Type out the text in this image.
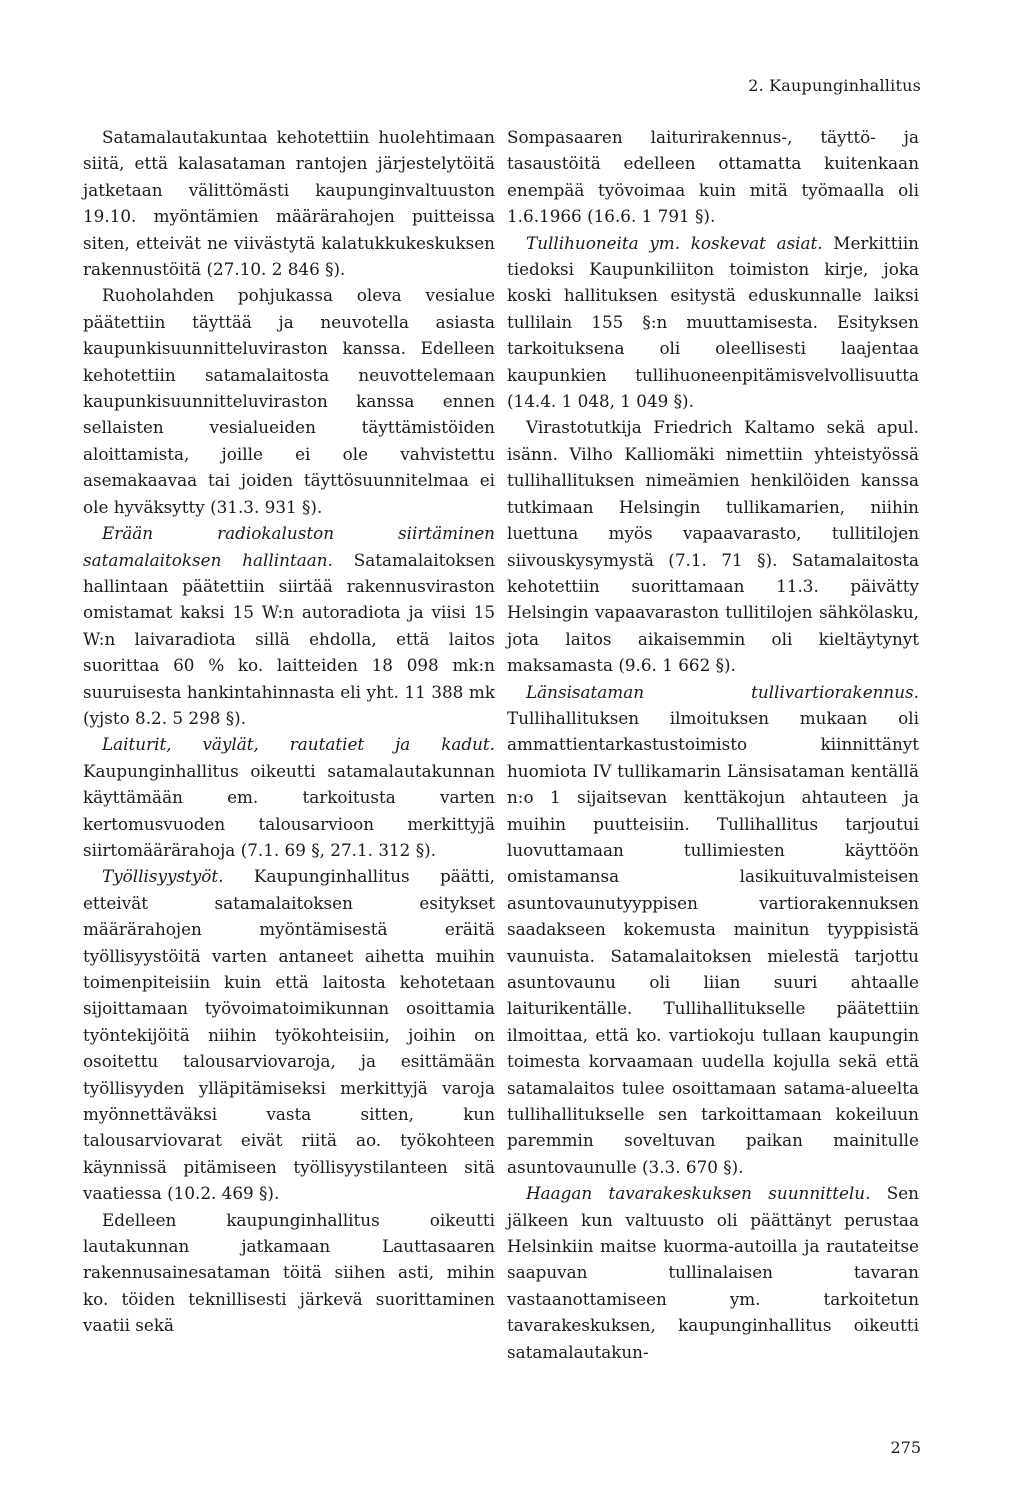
2. Kaupunginhallitus

Satamalautakuntaa kehotettiin huolehtimaan siitä, että kalasataman rantojen järjestelytöitä jatketaan välittömästi kaupunginvaltuuston 19.10. myöntämien määrärahojen puitteissa siten, etteivät ne viivästytä kalatukkukeskuksen rakennustöitä (27.10. 2 846 §).

Ruoholahden pohjukassa oleva vesialue päätettiin täyttää ja neuvotella asiasta kaupunkisuunnitteluviraston kanssa. Edelleen kehotettiin satamalaitosta neuvottelemaan kaupunkisuunnitteluviraston kanssa ennen sellaisten vesialueiden täyttämistöiden aloittamista, joille ei ole vahvistettu asemakaavaa tai joiden täyttösuunnitelmaa ei ole hyväksytty (31.3. 931 §).

Erään radiokaluston siirtäminen satamalaitoksen hallintaan. Satamalaitoksen hallintaan päätettiin siirtää rakennusviraston omistamat kaksi 15 W:n autoradiota ja viisi 15 W:n laivaradiota sillä ehdolla, että laitos suorittaa 60 % ko. laitteiden 18 098 mk:n suuruisesta hankintahinnasta eli yht. 11 388 mk (yjsto 8.2. 5 298 §).

Laiturit, väylät, rautatiet ja kadut. Kaupunginhallitus oikeutti satamalautakunnan käyttämään em. tarkoitusta varten kertomusvuoden talousarvioon merkittyjä siirtomäärärahoja (7.1. 69 §, 27.1. 312 §).

Työllisyystyöt. Kaupunginhallitus päätti, etteivät satamalaitoksen esitykset määrärahojen myöntämisestä eräitä työllisyystöitä varten antaneet aihetta muihin toimenpiteisiin kuin että laitosta kehotetaan sijoittamaan työvoimatoimikunnan osoittamia työntekijöitä niihin työkohteisiin, joihin on osoitettu talousarviovaroja, ja esittämään työllisyyden ylläpitämiseksi merkittyjä varoja myönnettäväksi vasta sitten, kun talousarviovarat eivät riitä ao. työkohteen käynnissä pitämiseen työllisyystilanteen sitä vaatiessa (10.2. 469 §).

Edelleen kaupunginhallitus oikeutti lautakunnan jatkamaan Lauttasaaren rakennusainesataman töitä siihen asti, mihin ko. töiden teknillisesti järkevä suorittaminen vaatii sekä

Sompasaaren laiturirakennus-, täyttö- ja tasaustöitä edelleen ottamatta kuitenkaan enempää työvoimaa kuin mitä työmaalla oli 1.6.1966 (16.6. 1 791 §).

Tullihuoneita ym. koskevat asiat. Merkittiin tiedoksi Kaupunkiliiton toimiston kirje, joka koski hallituksen esitystä eduskunnalle laiksi tullilain 155 §:n muuttamisesta. Esityksen tarkoituksena oli oleellisesti laajentaa kaupunkien tullihuoneenpitämisvelvollisuutta (14.4. 1 048, 1 049 §).

Virastotutkija Friedrich Kaltamo sekä apul. isänn. Vilho Kalliomäki nimettiin yhteistyössä tullihallituksen nimeämien henkilöiden kanssa tutkimaan Helsingin tullikamarien, niihin luettuna myös vapaavarasto, tullitilojen siivouskysymystä (7.1. 71 §). Satamalaitosta kehotettiin suorittamaan 11.3. päivätty Helsingin vapaavaraston tullitilojen sähkölasku, jota laitos aikaisemmin oli kieltäytynyt maksamasta (9.6. 1 662 §).

Länsisataman tullivartiorakennus. Tullihallituksen ilmoituksen mukaan oli ammattientarkastustoimisto kiinnittänyt huomiota IV tullikamarin Länsisataman kentällä n:o 1 sijaitsevan kenttäkojun ahtauteen ja muihin puutteisiin. Tullihallitus tarjoutui luovuttamaan tullimiesten käyttöön omistamansa lasikuituvalmisteisen asuntovaunutyyppisen vartiorakennuksen saadakseen kokemusta mainitun tyyppisistä vaunuista. Satamalaitoksen mielestä tarjottu asuntovaunu oli liian suuri ahtaalle laiturikentälle. Tullihallitukselle päätettiin ilmoittaa, että ko. vartiokoju tullaan kaupungin toimesta korvaamaan uudella kojulla sekä että satamalaitos tulee osoittamaan satama-alueelta tullihallitukselle sen tarkoittamaan kokeiluun paremmin soveltuvan paikan mainitulle asuntovaunulle (3.3. 670 §).

Haagan tavarakeskuksen suunnittelu. Sen jälkeen kun valtuusto oli päättänyt perustaa Helsinkiin maitse kuorma-autoilla ja rautateitse saapuvan tullinalaisen tavaran vastaanottamiseen ym. tarkoitetun tavarakeskuksen, kaupunginhallitus oikeutti satamalautakun-

275
